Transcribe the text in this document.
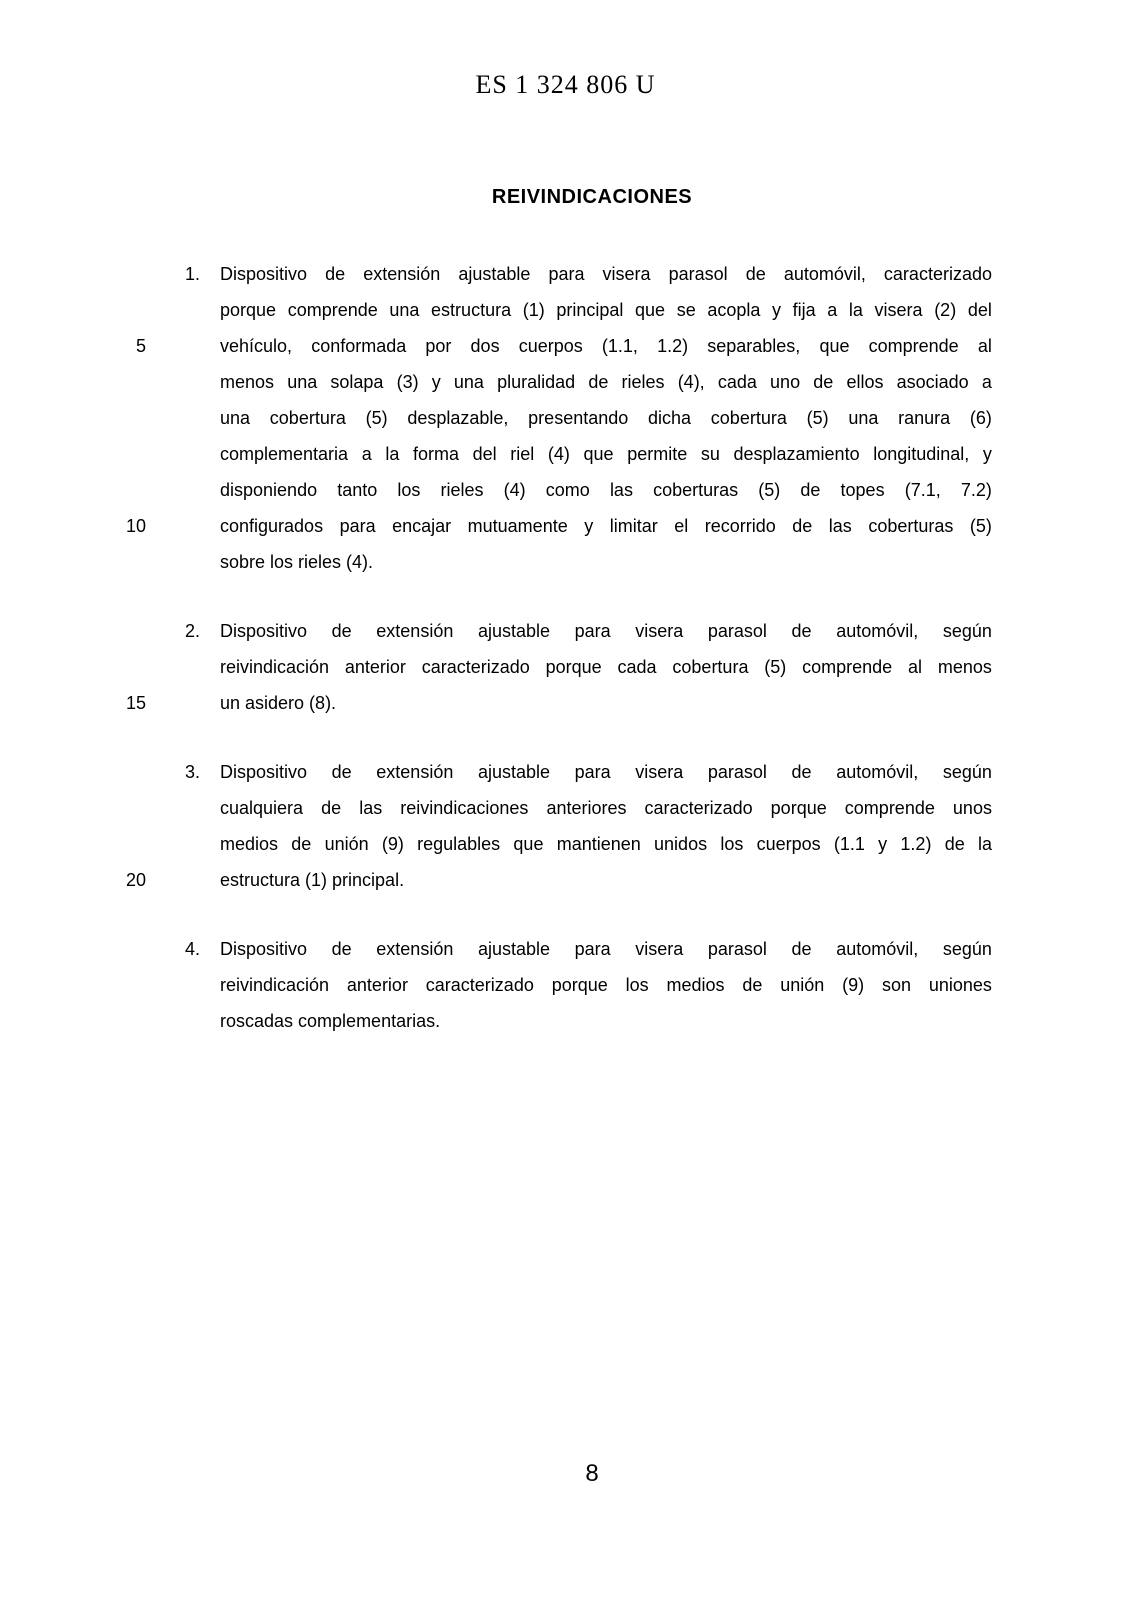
ES 1 324 806 U
REIVINDICACIONES
1. Dispositivo de extensión ajustable para visera parasol de automóvil, caracterizado
porque comprende una estructura (1) principal que se acopla y fija a la visera (2) del
5	vehículo, conformada por dos cuerpos (1.1, 1.2) separables, que comprende al
menos una solapa (3) y una pluralidad de rieles (4), cada uno de ellos asociado a
una cobertura (5) desplazable, presentando dicha cobertura (5) una ranura (6)
complementaria a la forma del riel (4) que permite su desplazamiento longitudinal, y
disponiendo tanto los rieles (4) como las coberturas (5) de topes (7.1, 7.2)
10	configurados para encajar mutuamente y limitar el recorrido de las coberturas (5)
sobre los rieles (4).
2. Dispositivo de extensión ajustable para visera parasol de automóvil, según
reivindicación anterior caracterizado porque cada cobertura (5) comprende al menos
15	un asidero (8).
3. Dispositivo de extensión ajustable para visera parasol de automóvil, según
cualquiera de las reivindicaciones anteriores caracterizado porque comprende unos
medios de unión (9) regulables que mantienen unidos los cuerpos (1.1 y 1.2) de la
20	estructura (1) principal.
4. Dispositivo de extensión ajustable para visera parasol de automóvil, según
reivindicación anterior caracterizado porque los medios de unión (9) son uniones
roscadas complementarias.
8
